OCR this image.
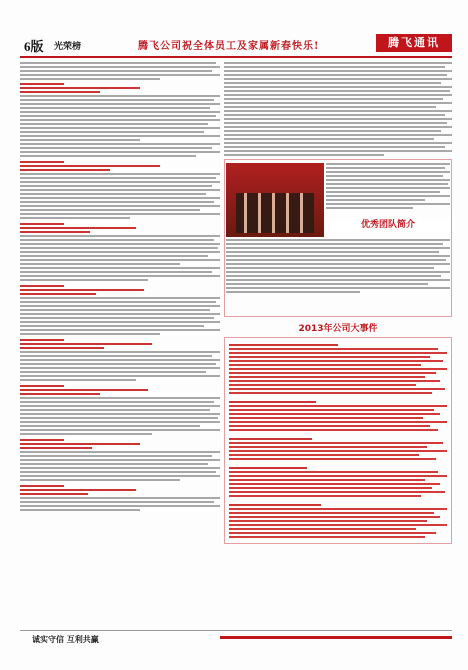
6版 光荣榜	腾飞公司祝全体员工及家属新春快乐!	腾飞通讯
优秀团队简介
2013年公司大事件
诚实守信 互利共赢
